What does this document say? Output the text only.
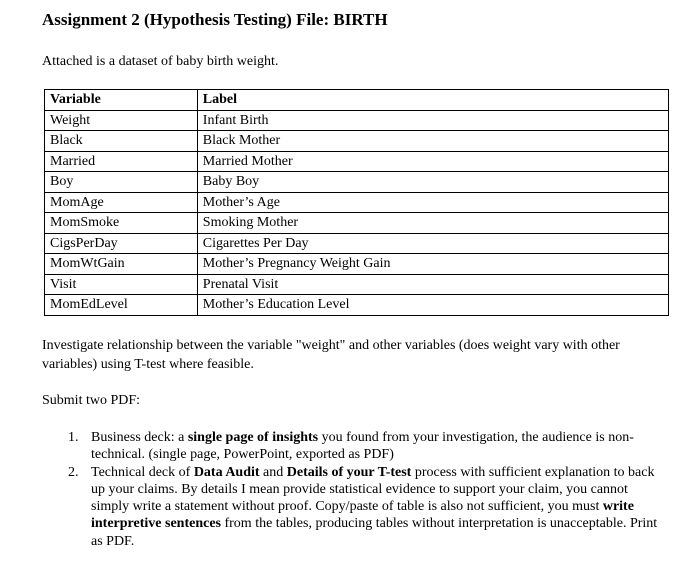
Assignment 2 (Hypothesis Testing) File: BIRTH
Attached is a dataset of baby birth weight.
Variable	Label
Weight	Infant Birth
Black	Black Mother
Married	Married Mother
Boy	Baby Boy
MomAge	Mother’s Age
MomSmoke	Smoking Mother
CigsPerDay	Cigarettes Per Day
MomWtGain	Mother’s Pregnancy Weight Gain
Visit	Prenatal Visit
MomEdLevel	Mother’s Education Level
Investigate relationship between the variable "weight" and other variables (does weight vary with other variables) using T-test where feasible.
Submit two PDF:
1. Business deck: a single page of insights you found from your investigation, the audience is non-technical. (single page, PowerPoint, exported as PDF)
2. Technical deck of Data Audit and Details of your T-test process with sufficient explanation to back up your claims. By details I mean provide statistical evidence to support your claim, you cannot simply write a statement without proof. Copy/paste of table is also not sufficient, you must write interpretive sentences from the tables, producing tables without interpretation is unacceptable. Print as PDF.
